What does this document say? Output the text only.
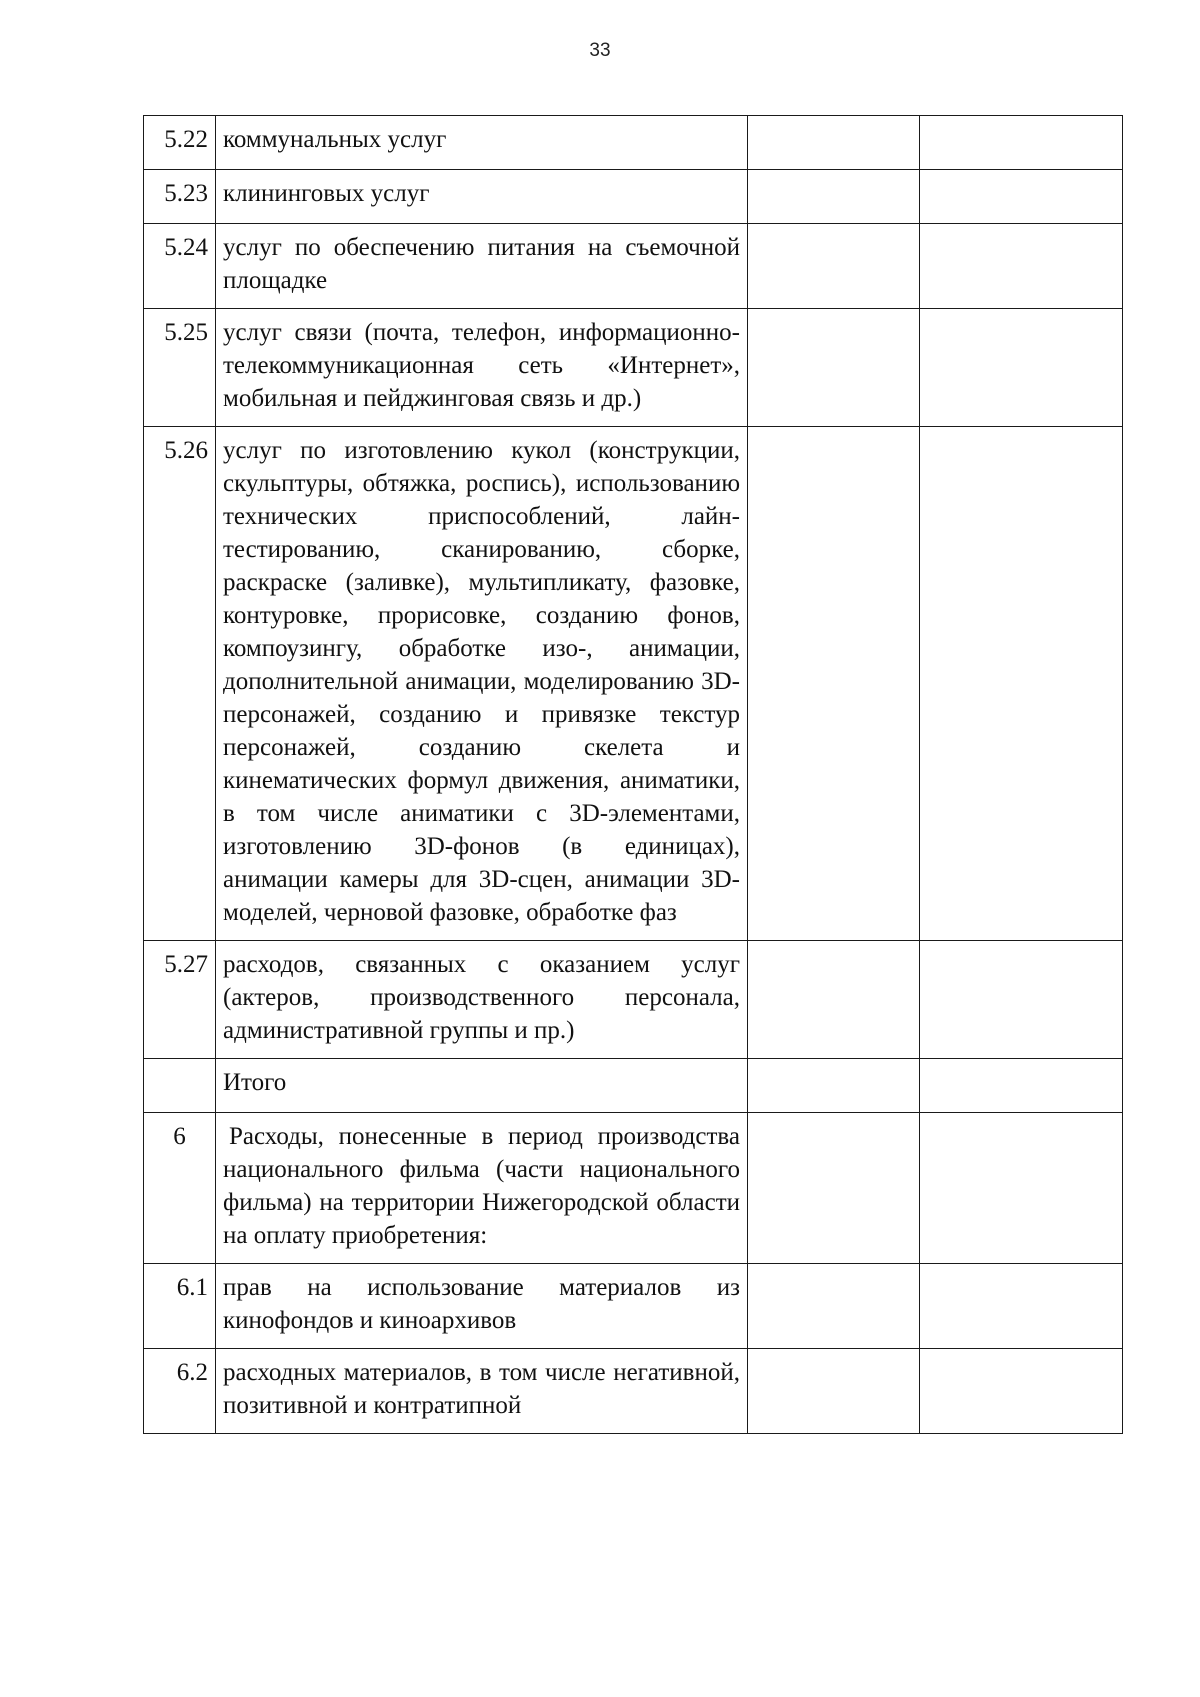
33
5.22	коммунальных услуг		
5.23	клининговых услуг		
5.24	услуг по обеспечению питания на съемочной площадке		
5.25	услуг связи (почта, телефон, информационно-телекоммуникационная сеть «Интернет», мобильная и пейджинговая связь и др.)		
5.26	услуг по изготовлению кукол (конструкции, скульптуры, обтяжка, роспись), использованию технических приспособлений, лайн-тестированию, сканированию, сборке, раскраске (заливке), мультипликату, фазовке, контуровке, прорисовке, созданию фонов, компоузингу, обработке изо-, анимации, дополнительной анимации, моделированию 3D-персонажей, созданию и привязке текстур персонажей, созданию скелета и кинематических формул движения, аниматики, в том числе аниматики с 3D-элементами, изготовлению 3D-фонов (в единицах), анимации камеры для 3D-сцен, анимации 3D-моделей, черновой фазовке, обработке фаз		
5.27	расходов, связанных с оказанием услуг (актеров, производственного персонала, административной группы и пр.)		
	Итого		
6	Расходы, понесенные в период производства национального фильма (части национального фильма) на территории Нижегородской области на оплату приобретения:		
6.1	прав на использование материалов из кинофондов и киноархивов		
6.2	расходных материалов, в том числе негативной, позитивной и контратипной		
